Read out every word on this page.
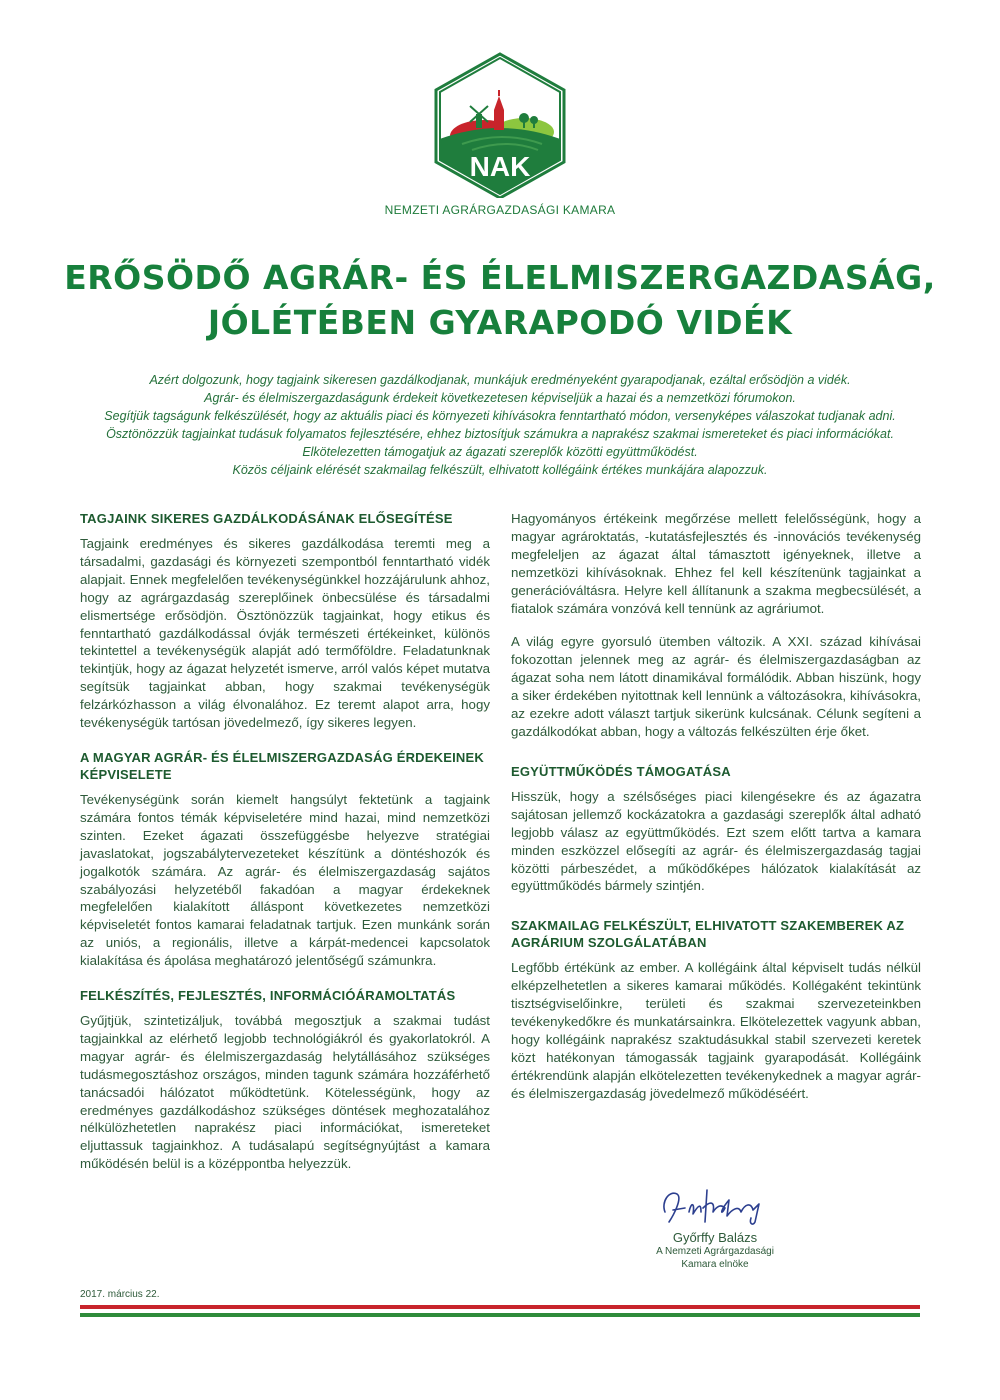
NAK
NEMZETI AGRÁRGAZDASÁGI KAMARA
ERŐSÖDŐ AGRÁR- ÉS ÉLELMISZERGAZDASÁG,
JÓLÉTÉBEN GYARAPODÓ VIDÉK
Azért dolgozunk, hogy tagjaink sikeresen gazdálkodjanak, munkájuk eredményeként gyarapodjanak, ezáltal erősödjön a vidék.
Agrár- és élelmiszergazdaságunk érdekeit következetesen képviseljük a hazai és a nemzetközi fórumokon.
Segítjük tagságunk felkészülését, hogy az aktuális piaci és környezeti kihívásokra fenntartható módon, versenyképes válaszokat tudjanak adni.
Ösztönözzük tagjainkat tudásuk folyamatos fejlesztésére, ehhez biztosítjuk számukra a naprakész szakmai ismereteket és piaci információkat.
Elkötelezetten támogatjuk az ágazati szereplők közötti együttműködést.
Közös céljaink elérését szakmailag felkészült, elhivatott kollégáink értékes munkájára alapozzuk.
TAGJAINK SIKERES GAZDÁLKODÁSÁNAK ELŐSEGÍTÉSE

Tagjaink eredményes és sikeres gazdálkodása teremti meg a társadalmi, gazdasági és környezeti szempontból fenntartható vidék alapjait. Ennek megfelelően tevékenységünkkel hozzájárulunk ahhoz, hogy az agrárgazdaság szereplőinek önbecsülése és társadalmi elismertsége erősödjön. Ösztönözzük tagjainkat, hogy etikus és fenntartható gazdálkodással óvják természeti értékeinket, különös tekintettel a tevékenységük alapját adó termőföldre. Feladatunknak tekintjük, hogy az ágazat helyzetét ismerve, arról valós képet mutatva segítsük tagjainkat abban, hogy szakmai tevékenységük felzárkózhasson a világ élvonalához. Ez teremt alapot arra, hogy tevékenységük tartósan jövedelmező, így sikeres legyen.

A MAGYAR AGRÁR- ÉS ÉLELMISZERGAZDASÁG ÉRDEKEINEK KÉPVISELETE

Tevékenységünk során kiemelt hangsúlyt fektetünk a tagjaink számára fontos témák képviseletére mind hazai, mind nemzetközi szinten. Ezeket ágazati összefüggésbe helyezve stratégiai javaslatokat, jogszabálytervezeteket készítünk a döntéshozók és jogalkotók számára. Az agrár- és élelmiszergazdaság sajátos szabályozási helyzetéből fakadóan a magyar érdekeknek megfelelően kialakított álláspont következetes nemzetközi képviseletét fontos kamarai feladatnak tartjuk. Ezen munkánk során az uniós, a regionális, illetve a kárpát-medencei kapcsolatok kialakítása és ápolása meghatározó jelentőségű számunkra.

FELKÉSZÍTÉS, FEJLESZTÉS, INFORMÁCIÓÁRAMOLTATÁS

Gyűjtjük, szintetizáljuk, továbbá megosztjuk a szakmai tudást tagjainkkal az elérhető legjobb technológiákról és gyakorlatokról. A magyar agrár- és élelmiszergazdaság helytállásához szükséges tudásmegosztáshoz országos, minden tagunk számára hozzáférhető tanácsadói hálózatot működtetünk. Kötelességünk, hogy az eredményes gazdálkodáshoz szükséges döntések meghozatalához nélkülözhetetlen naprakész piaci információkat, ismereteket eljuttassuk tagjainkhoz. A tudásalapú segítségnyújtást a kamara működésén belül is a középpontba helyezzük.

Hagyományos értékeink megőrzése mellett felelősségünk, hogy a magyar agrároktatás, -kutatásfejlesztés és -innovációs tevékenység megfeleljen az ágazat által támasztott igényeknek, illetve a nemzetközi kihívásoknak. Ehhez fel kell készítenünk tagjainkat a generációváltásra. Helyre kell állítanunk a szakma megbecsülését, a fiatalok számára vonzóvá kell tennünk az agráriumot.

A világ egyre gyorsuló ütemben változik. A XXI. század kihívásai fokozottan jelennek meg az agrár- és élelmiszergazdaságban az ágazat soha nem látott dinamikával formálódik. Abban hiszünk, hogy a siker érdekében nyitottnak kell lennünk a változásokra, kihívásokra, az ezekre adott választ tartjuk sikerünk kulcsának. Célunk segíteni a gazdálkodókat abban, hogy a változás felkészülten érje őket.

EGYÜTTMŰKÖDÉS TÁMOGATÁSA

Hisszük, hogy a szélsőséges piaci kilengésekre és az ágazatra sajátosan jellemző kockázatokra a gazdasági szereplők által adható legjobb válasz az együttműködés. Ezt szem előtt tartva a kamara minden eszközzel elősegíti az agrár- és élelmiszergazdaság tagjai közötti párbeszédet, a működőképes hálózatok kialakítását az együttműködés bármely szintjén.

SZAKMAILAG FELKÉSZÜLT, ELHIVATOTT SZAKEMBEREK AZ AGRÁRIUM SZOLGÁLATÁBAN

Legfőbb értékünk az ember. A kollégáink által képviselt tudás nélkül elképzelhetetlen a sikeres kamarai működés. Kollégaként tekintünk tisztségviselőinkre, területi és szakmai szervezeteinkben tevékenykedőkre és munkatársainkra. Elkötelezettek vagyunk abban, hogy kollégáink naprakész szaktudásukkal stabil szervezeti keretek közt hatékonyan támogassák tagjaink gyarapodását. Kollégáink értékrendünk alapján elkötelezetten tevékenykednek a magyar agrár- és élelmiszergazdaság jövedelmező működéséért.

Győrffy Balázs
A Nemzeti Agrárgazdasági
Kamara elnöke
2017. március 22.
